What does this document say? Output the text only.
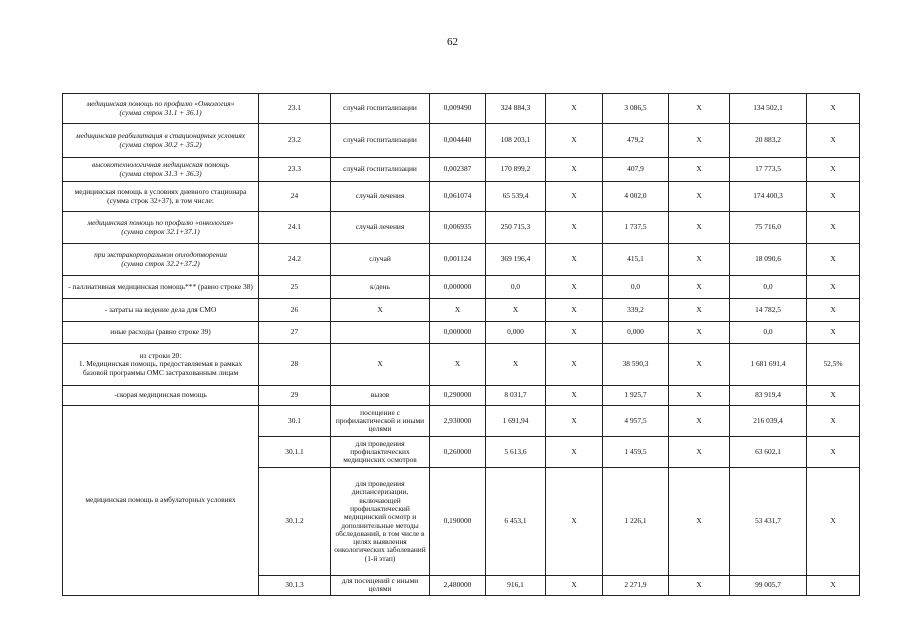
62
медицинская помощь по профилю «Онкология»
(сумма строк 31.1 + 36.1)	23.1	случай госпитализации	0,009490	324 884,3	X	3 086,5	X	134 502,1	X
медицинская реабилитация в стационарных условиях
(сумма строк 30.2 + 35.2)	23.2	случай госпитализации	0,004440	108 203,1	X	479,2	X	20 883,2	X
высокотехнологичная медицинская помощь
(сумма строк 31.3 + 36.3)	23.3	случай госпитализации	0,002387	170 899,2	X	407,9	X	17 773,5	X
медицинская помощь в условиях дневного стационара (сумма строк 32+37), в том числе:	24	случай лечения	0,061074	65 539,4	X	4 002,0	X	174 400,3	X
медицинская помощь по профилю «онкология»
(сумма строк 32.1+37.1)	24.1	случай лечения	0,006935	250 715,3	X	1 737,5	X	75 716,0	X
при экстракорпоральном оплодотворении
(сумма строк 32.2+37.2)	24.2	случай	0,001124	369 196,4	X	415,1	X	18 090,6	X
- паллиативная медицинская помощь*** (равно строке 38)	25	к/день	0,000000	0,0	X	0,0	X	0,0	X
- затраты на ведение дела для СМО	26	X	X	X	X	339,2	X	14 782,5	X
иные расходы (равно строке 39)	27		0,000000	0,000	X	0,000	X	0,0	X
из строки 20:
1. Медицинская помощь, предоставляемая в рамках базовой программы ОМС застрахованным лицам	28	X	X	X	X	38 590,3	X	1 681 691,4	52,5%
-скорая медицинская помощь	29	вызов	0,290000	8 031,7	X	1 925,7	X	83 919,4	X
медицинская помощь в амбулаторных условиях	30.1	посещение с профилактической и иными целями	2,930000	1 691,94	X	4 957,5	X	216 039,4	X
	30.1.1	для проведения профилактических медицинских осмотров	0,260000	5 613,6	X	1 459,5	X	63 602,1	X
	30.1.2	для проведения диспансеризации, включающей профилактический медицинский осмотр и дополнительные методы обследований, в том числе в целях выявления онкологических заболеваний (1-й этап)	0,190000	6 453,1	X	1 226,1	X	53 431,7	X
	30.1.3	для посещений с иными целями	2,480000	916,1	X	2 271,9	X	99 005,7	X
